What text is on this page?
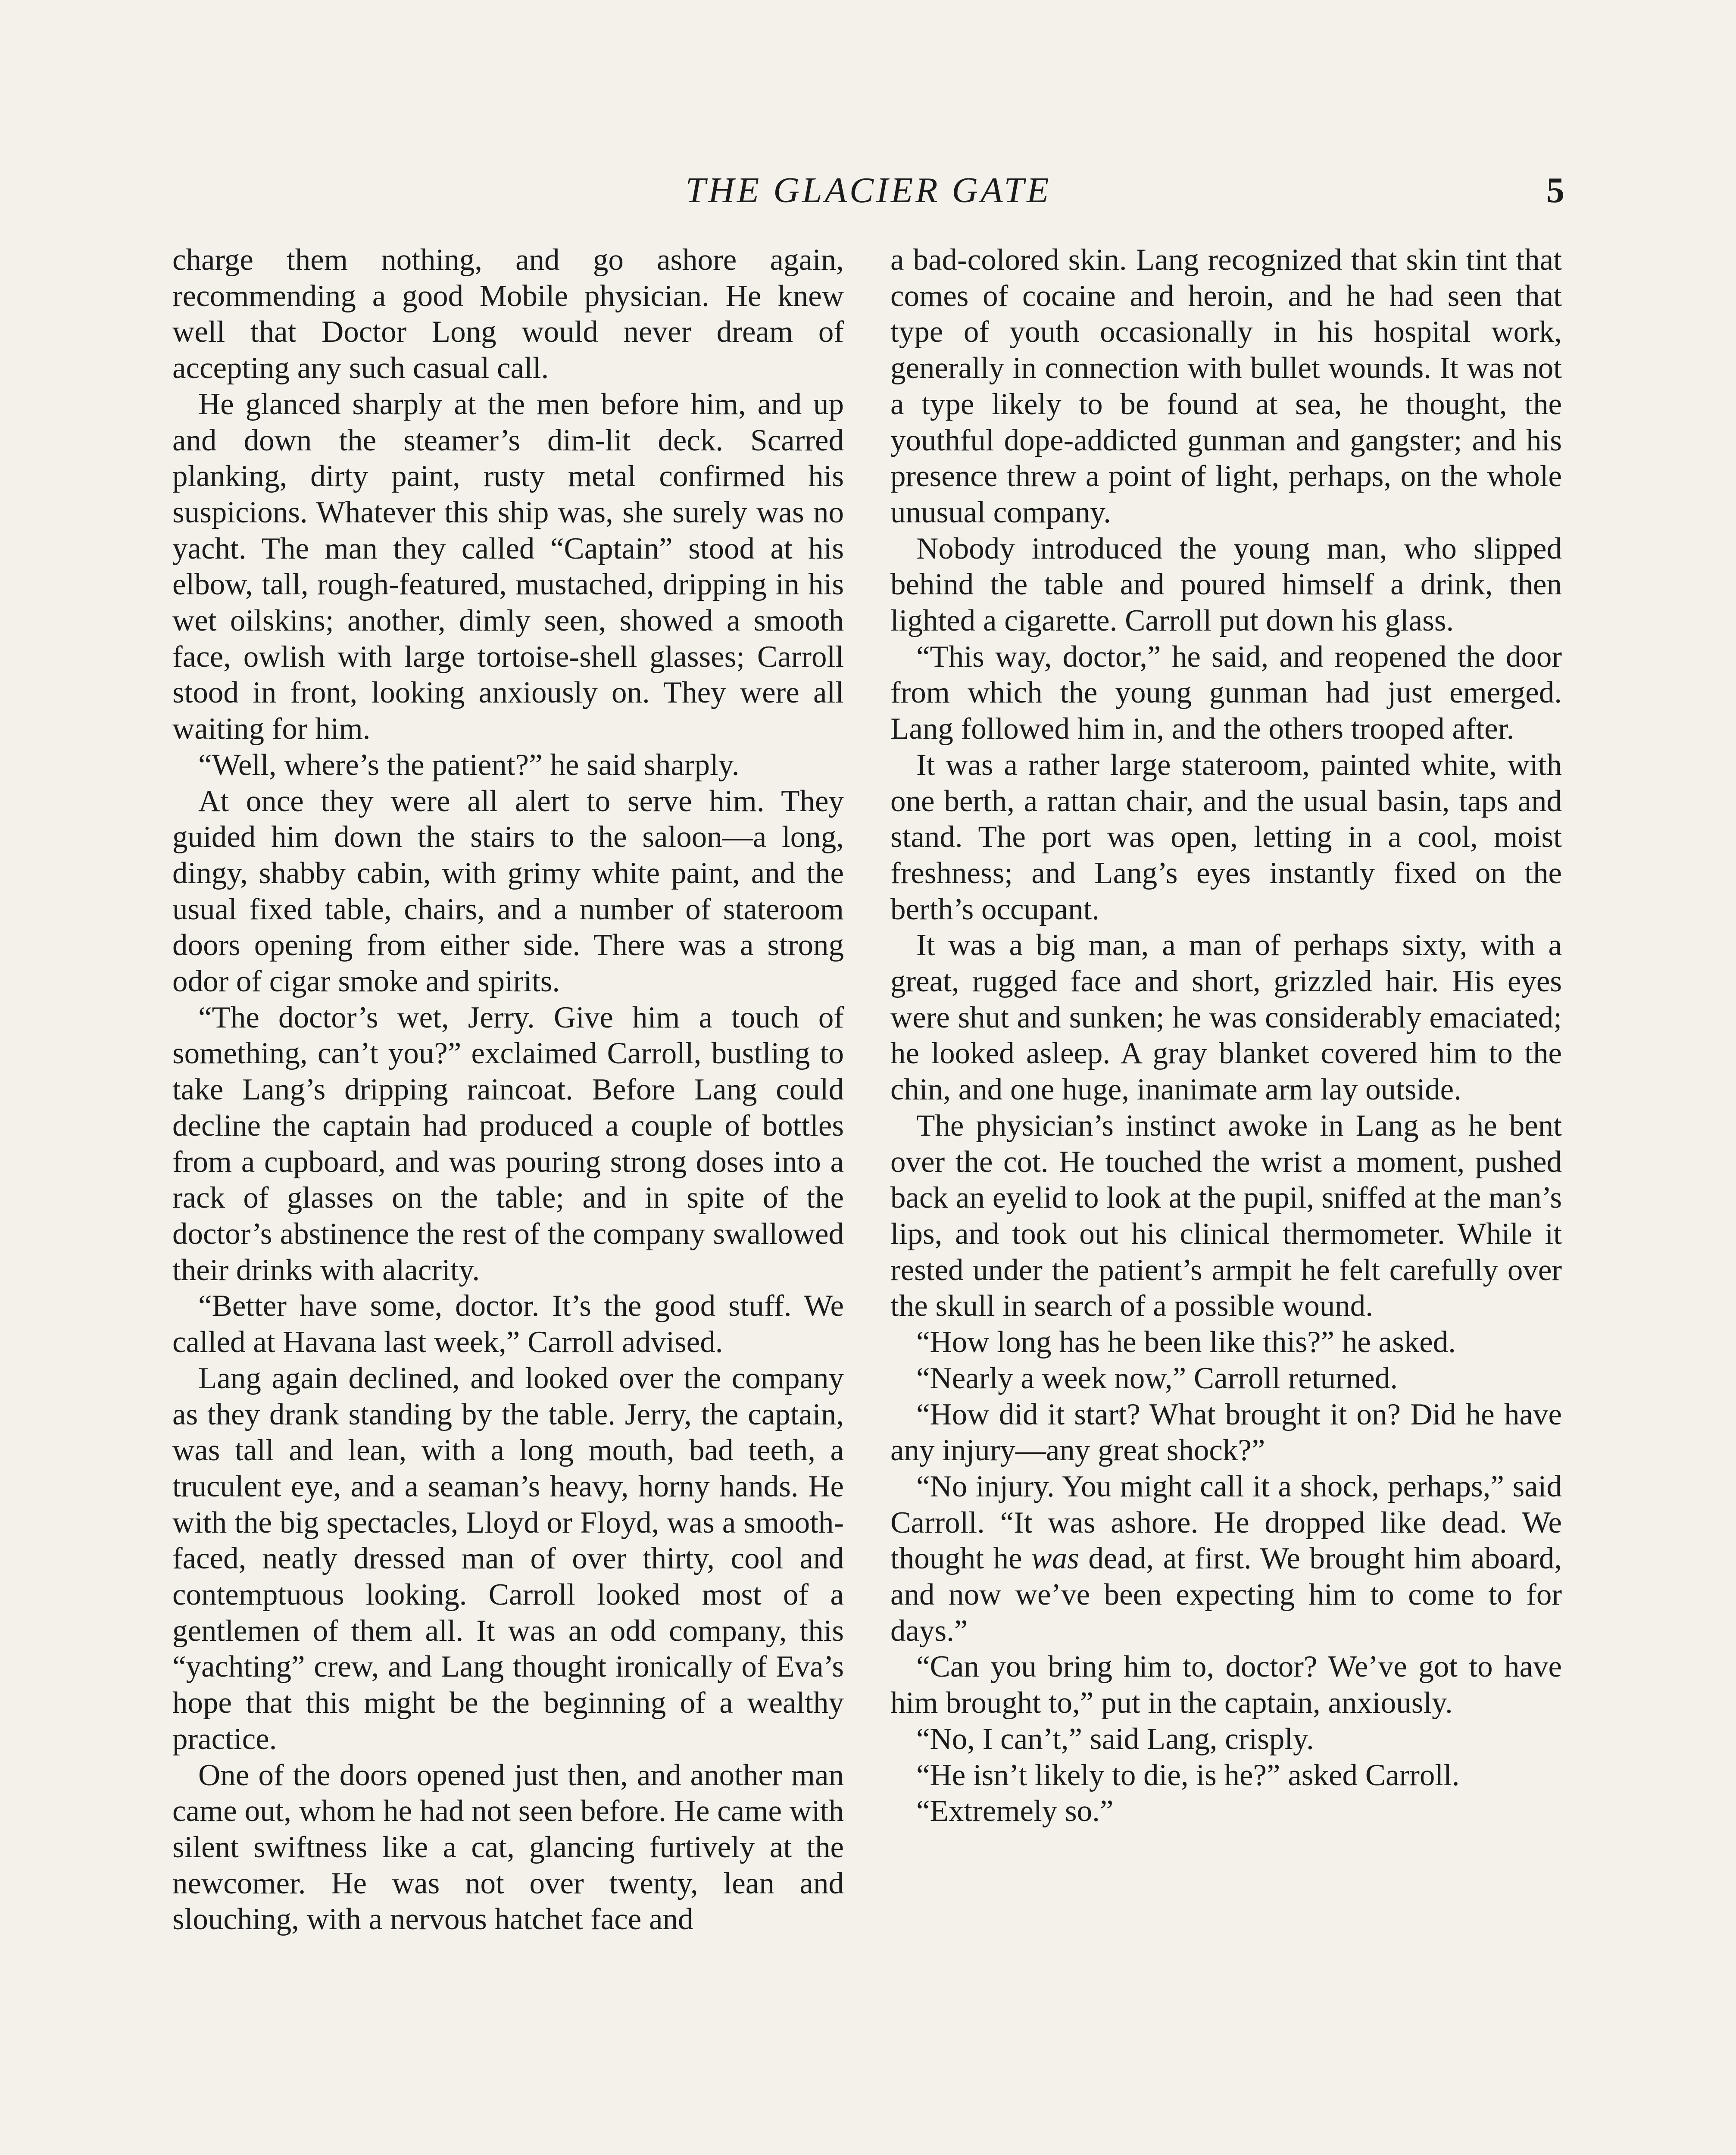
THE GLACIER GATE	5

charge them nothing, and go ashore again, recommending a good Mobile physician. He knew well that Doctor Long would never dream of accepting any such casual call.

He glanced sharply at the men before him, and up and down the steamer’s dim-lit deck. Scarred planking, dirty paint, rusty metal confirmed his suspicions. Whatever this ship was, she surely was no yacht. The man they called “Captain” stood at his elbow, tall, rough-featured, mustached, dripping in his wet oilskins; another, dimly seen, showed a smooth face, owlish with large tortoise-shell glasses; Carroll stood in front, looking anxiously on. They were all waiting for him.

“Well, where’s the patient?” he said sharply.

At once they were all alert to serve him. They guided him down the stairs to the saloon—a long, dingy, shabby cabin, with grimy white paint, and the usual fixed table, chairs, and a number of stateroom doors opening from either side. There was a strong odor of cigar smoke and spirits.

“The doctor’s wet, Jerry. Give him a touch of something, can’t you?” exclaimed Carroll, bustling to take Lang’s dripping raincoat. Before Lang could decline the captain had produced a couple of bottles from a cupboard, and was pouring strong doses into a rack of glasses on the table; and in spite of the doctor’s abstinence the rest of the company swallowed their drinks with alacrity.

“Better have some, doctor. It’s the good stuff. We called at Havana last week,” Carroll advised.

Lang again declined, and looked over the company as they drank standing by the table. Jerry, the captain, was tall and lean, with a long mouth, bad teeth, a truculent eye, and a seaman’s heavy, horny hands. He with the big spectacles, Lloyd or Floyd, was a smooth-faced, neatly dressed man of over thirty, cool and contemptuous looking. Carroll looked most of a gentlemen of them all. It was an odd company, this “yachting” crew, and Lang thought ironically of Eva’s hope that this might be the beginning of a wealthy practice.

One of the doors opened just then, and another man came out, whom he had not seen before. He came with silent swiftness like a cat, glancing furtively at the newcomer. He was not over twenty, lean and slouching, with a nervous hatchet face and

a bad-colored skin. Lang recognized that skin tint that comes of cocaine and heroin, and he had seen that type of youth occasionally in his hospital work, generally in connection with bullet wounds. It was not a type likely to be found at sea, he thought, the youthful dope-addicted gunman and gangster; and his presence threw a point of light, perhaps, on the whole unusual company.

Nobody introduced the young man, who slipped behind the table and poured himself a drink, then lighted a cigarette. Carroll put down his glass.

“This way, doctor,” he said, and reopened the door from which the young gunman had just emerged. Lang followed him in, and the others trooped after.

It was a rather large stateroom, painted white, with one berth, a rattan chair, and the usual basin, taps and stand. The port was open, letting in a cool, moist freshness; and Lang’s eyes instantly fixed on the berth’s occupant.

It was a big man, a man of perhaps sixty, with a great, rugged face and short, grizzled hair. His eyes were shut and sunken; he was considerably emaciated; he looked asleep. A gray blanket covered him to the chin, and one huge, inanimate arm lay outside.

The physician’s instinct awoke in Lang as he bent over the cot. He touched the wrist a moment, pushed back an eyelid to look at the pupil, sniffed at the man’s lips, and took out his clinical thermometer. While it rested under the patient’s armpit he felt carefully over the skull in search of a possible wound.

“How long has he been like this?” he asked.

“Nearly a week now,” Carroll returned.

“How did it start? What brought it on? Did he have any injury—any great shock?”

“No injury. You might call it a shock, perhaps,” said Carroll. “It was ashore. He dropped like dead. We thought he was dead, at first. We brought him aboard, and now we’ve been expecting him to come to for days.”

“Can you bring him to, doctor? We’ve got to have him brought to,” put in the captain, anxiously.

“No, I can’t,” said Lang, crisply.

“He isn’t likely to die, is he?” asked Carroll.

“Extremely so.”
